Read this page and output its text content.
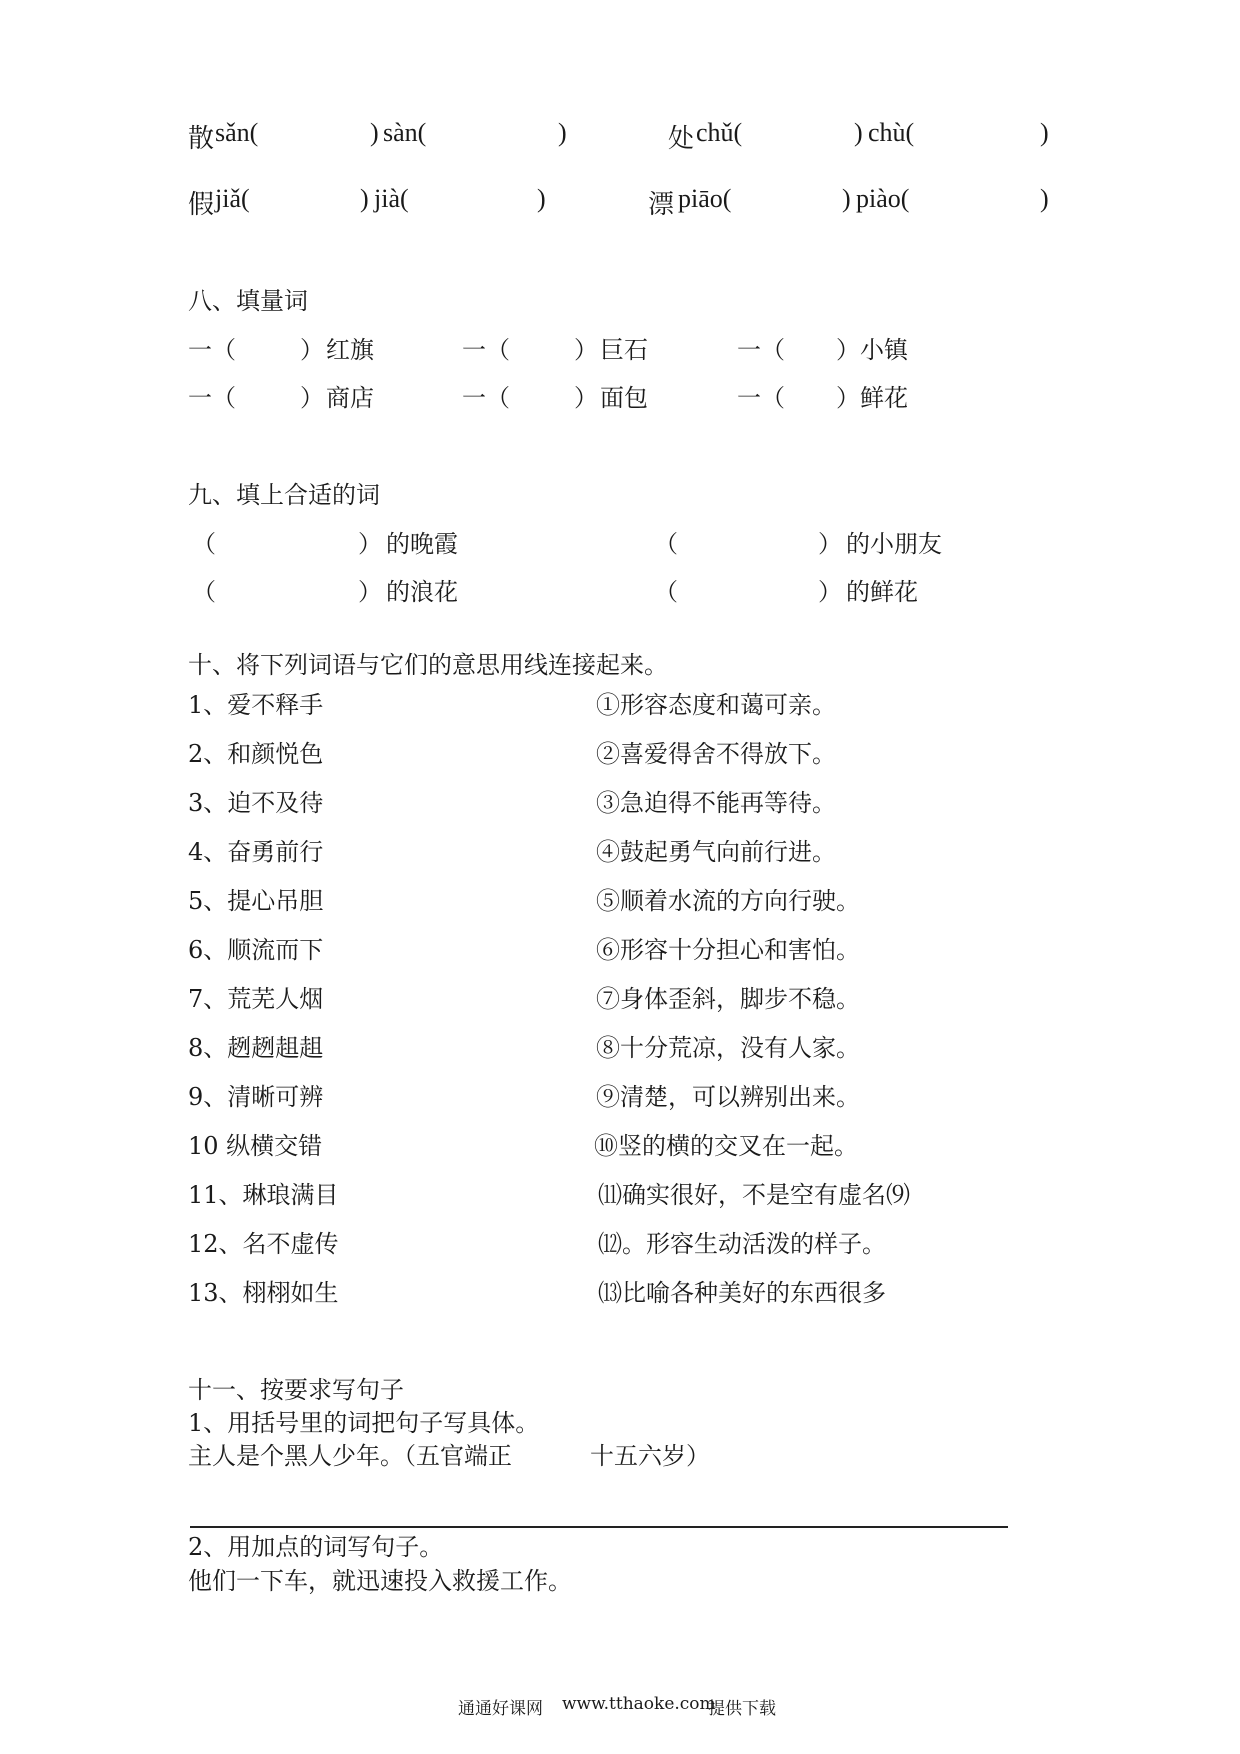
散 sǎn(	) sàn(	)	处 chǔ(	) chù(	)
假 jiǎ(	) jià(	)	漂 piāo(	) piào(	)
八、填量词
一（	） 红旗	一（	） 巨石	一（ ） 小镇
一（	） 商店	一（	） 面包	一（ ） 鲜花
九、填上合适的词
（	） 的晚霞	（	） 的小朋友
（	） 的浪花	（	） 的鲜花
十、将下列词语与它们的意思用线连接起来。
1、爱不释手	①形容态度和蔼可亲。
2、和颜悦色	②喜爱得舍不得放下。
3、迫不及待	③急迫得不能再等待。
4、奋勇前行	④鼓起勇气向前行进。
5、提心吊胆	⑤顺着水流的方向行驶。
6、顺流而下	⑥形容十分担心和害怕。
7、荒芜人烟	⑦身体歪斜，脚步不稳。
8、趔趔趄趄	⑧十分荒凉，没有人家。
9、清晰可辨	⑨清楚，可以辨别出来。
10 纵横交错	⑩竖的横的交叉在一起。
11、琳琅满目	⑾确实很好，不是空有虚名⑼
12、名不虚传	⑿。形容生动活泼的样子。
13、栩栩如生	⒀比喻各种美好的东西很多
十一、按要求写句子
1、用括号里的词把句子写具体。
主人是个黑人少年。（五官端正	十五六岁）
2、用加点的词写句子。
他们一下车，就迅速投入救援工作。
通通好课网 www.tthaoke.com
提供下载
